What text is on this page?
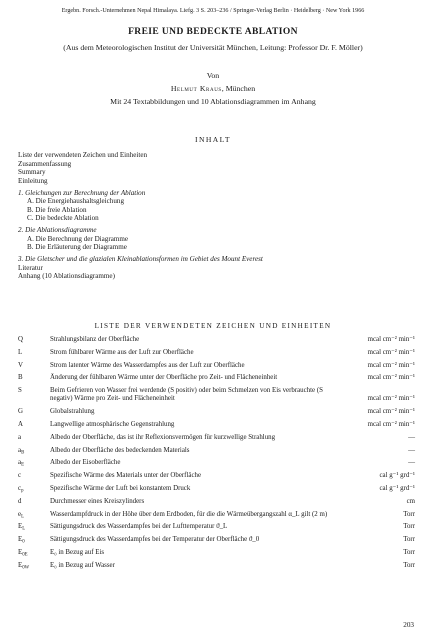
Ergebn. Forsch.-Unternehmen Nepal Himalaya. Liefg. 3 S. 203–236 / Springer-Verlag Berlin · Heidelberg · New York 1966
FREIE UND BEDECKTE ABLATION
(Aus dem Meteorologischen Institut der Universität München, Leitung: Professor Dr. F. Möller)
Von
Helmut Kraus, München
Mit 24 Textabbildungen und 10 Ablationsdiagrammen im Anhang
INHALT
Liste der verwendeten Zeichen und Einheiten
Zusammenfassung
Summary
Einleitung
1. Gleichungen zur Berechnung der Ablation
A. Die Energiehaushaltsgleichung
B. Die freie Ablation
C. Die bedeckte Ablation
2. Die Ablationsdiagramme
A. Die Berechnung der Diagramme
B. Die Erläuterung der Diagramme
3. Die Gletscher und die glazialen Kleinablationsformen im Gebiet des Mount Everest
Literatur
Anhang (10 Ablationsdiagramme)
LISTE DER VERWENDETEN ZEICHEN UND EINHEITEN
Q	Strahlungsbilanz der Oberfläche	mcal cm⁻² min⁻¹
L	Strom fühlbarer Wärme aus der Luft zur Oberfläche	mcal cm⁻² min⁻¹
V	Strom latenter Wärme des Wasserdampfes aus der Luft zur Oberfläche	mcal cm⁻² min⁻¹
B	Änderung der fühlbaren Wärme unter der Oberfläche pro Zeit- und Flächeneinheit	mcal cm⁻² min⁻¹
S	Beim Gefrieren von Wasser frei werdende (S positiv) oder beim Schmelzen von Eis verbrauchte (S negativ) Wärme pro Zeit- und Flächeneinheit	mcal cm⁻² min⁻¹
G	Globalstrahlung	mcal cm⁻² min⁻¹
A	Langwellige atmosphärische Gegenstrahlung	mcal cm⁻² min⁻¹
a	Albedo der Oberfläche, das ist ihr Reflexionsvermögen für kurzwellige Strahlung	—
$a_B$	Albedo der Oberfläche des bedeckenden Materials	—
$a_E$	Albedo der Eisoberfläche	—
c	Spezifische Wärme des Materials unter der Oberfläche	cal g⁻¹ grd⁻¹
$c_p$	Spezifische Wärme der Luft bei konstantem Druck	cal g⁻¹ grd⁻¹
d	Durchmesser eines Kreiszylinders	cm
$e_L$	Wasserdampfdruck in der Höhe über dem Erdboden, für die die Wärmeübergangszahl α_L gilt (2 m)	Torr
$E_L$	Sättigungsdruck des Wasserdampfes bei der Lufttemperatur ϑ_L	Torr
$E_0$	Sättigungsdruck des Wasserdampfes bei der Temperatur der Oberfläche ϑ_0	Torr
$E_{0E}$	E₀ in Bezug auf Eis	Torr
$E_{0W}$	E₀ in Bezug auf Wasser	Torr
203
